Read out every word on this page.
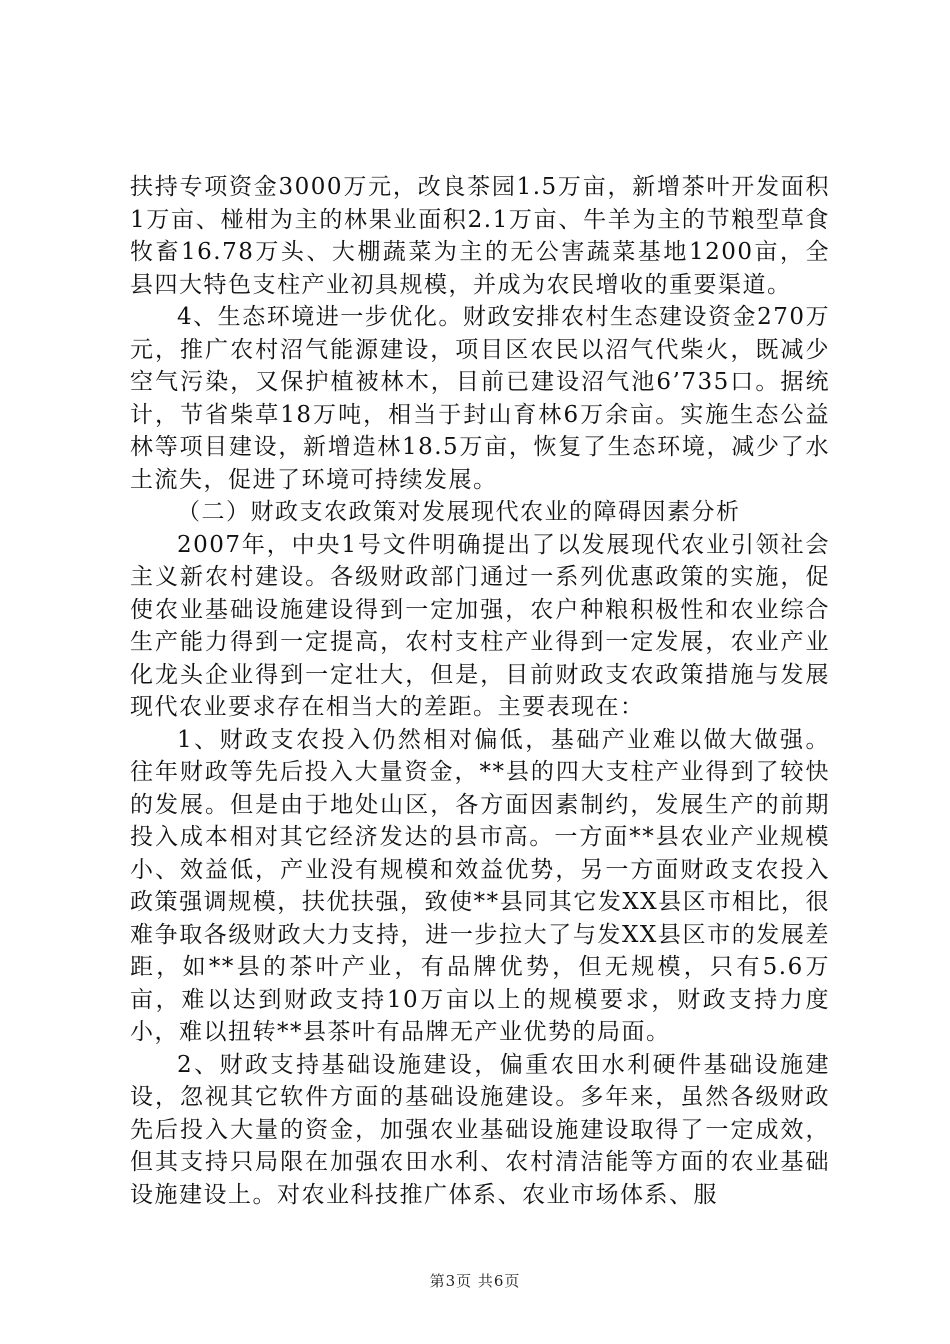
扶持专项资金3000万元，改良茶园1.5万亩，新增茶叶开发面积1万亩、椪柑为主的林果业面积2.1万亩、牛羊为主的节粮型草食牧畜16.78万头、大棚蔬菜为主的无公害蔬菜基地1200亩，全县四大特色支柱产业初具规模，并成为农民增收的重要渠道。

4、生态环境进一步优化。财政安排农村生态建设资金270万元，推广农村沼气能源建设，项目区农民以沼气代柴火，既减少空气污染，又保护植被林木，目前已建设沼气池6’735口。据统计，节省柴草18万吨，相当于封山育林6万余亩。实施生态公益林等项目建设，新增造林18.5万亩，恢复了生态环境，减少了水土流失，促进了环境可持续发展。

（二）财政支农政策对发展现代农业的障碍因素分析

2007年，中央1号文件明确提出了以发展现代农业引领社会主义新农村建设。各级财政部门通过一系列优惠政策的实施，促使农业基础设施建设得到一定加强，农户种粮积极性和农业综合生产能力得到一定提高，农村支柱产业得到一定发展，农业产业化龙头企业得到一定壮大，但是，目前财政支农政策措施与发展现代农业要求存在相当大的差距。主要表现在：

1、财政支农投入仍然相对偏低，基础产业难以做大做强。往年财政等先后投入大量资金，**县的四大支柱产业得到了较快的发展。但是由于地处山区，各方面因素制约，发展生产的前期投入成本相对其它经济发达的县市高。一方面**县农业产业规模小、效益低，产业没有规模和效益优势，另一方面财政支农投入政策强调规模，扶优扶强，致使**县同其它发XX县区市相比，很难争取各级财政大力支持，进一步拉大了与发XX县区市的发展差距，如**县的茶叶产业，有品牌优势，但无规模，只有5.6万亩，难以达到财政支持10万亩以上的规模要求，财政支持力度小，难以扭转**县茶叶有品牌无产业优势的局面。

2、财政支持基础设施建设，偏重农田水利硬件基础设施建设，忽视其它软件方面的基础设施建设。多年来，虽然各级财政先后投入大量的资金，加强农业基础设施建设取得了一定成效，但其支持只局限在加强农田水利、农村清洁能等方面的农业基础设施建设上。对农业科技推广体系、农业市场体系、服

第3页 共6页
